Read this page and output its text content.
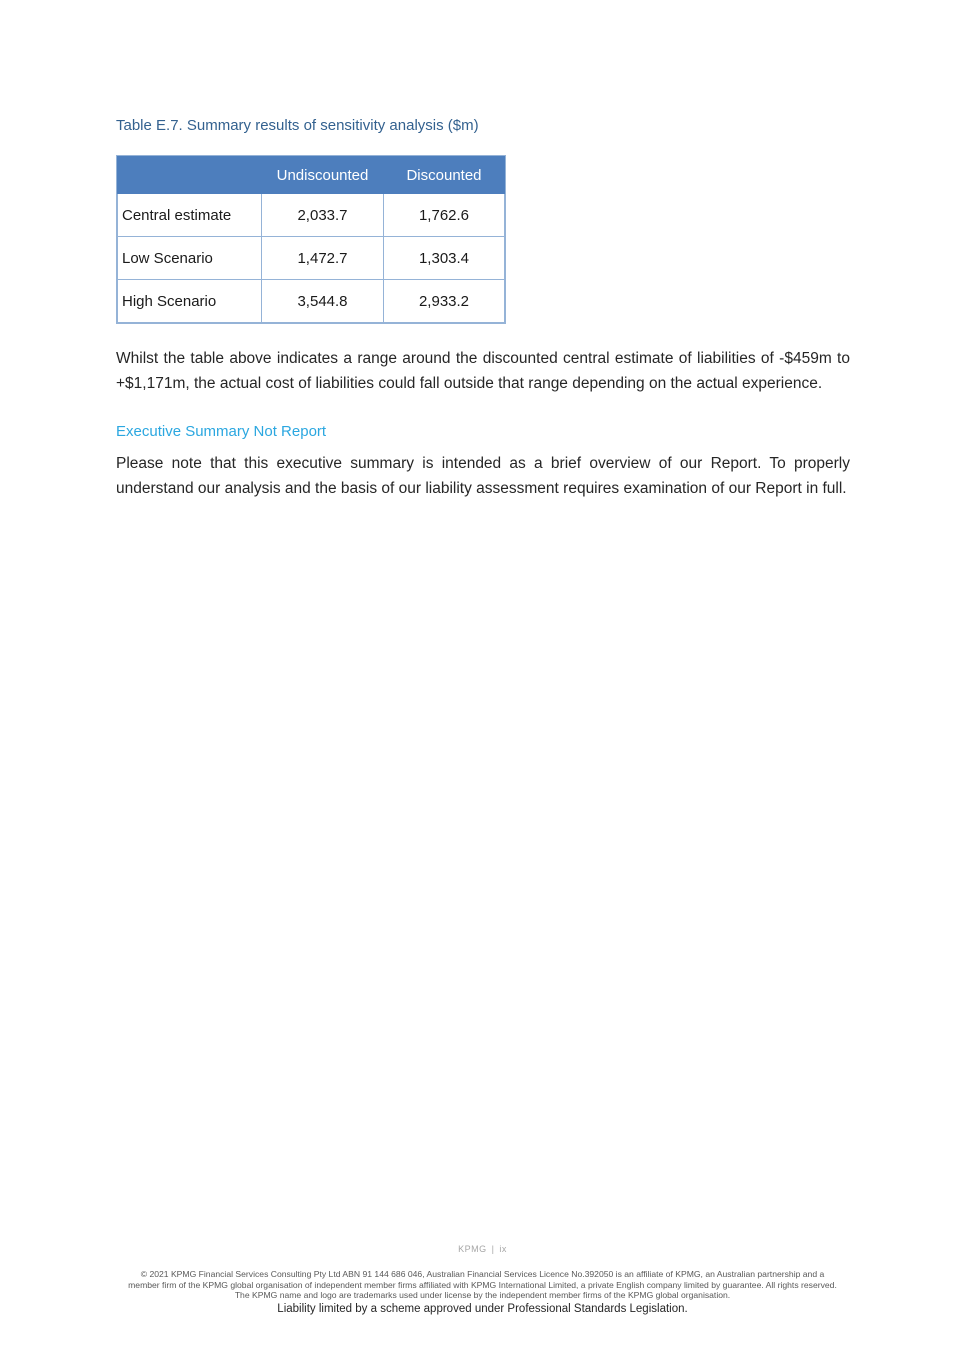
Table E.7. Summary results of sensitivity analysis ($m)
	Undiscounted	Discounted
Central estimate	2,033.7	1,762.6
Low Scenario	1,472.7	1,303.4
High Scenario	3,544.8	2,933.2

Whilst the table above indicates a range around the discounted central estimate of liabilities of -$459m to +$1,171m, the actual cost of liabilities could fall outside that range depending on the actual experience.

Executive Summary Not Report

Please note that this executive summary is intended as a brief overview of our Report. To properly understand our analysis and the basis of our liability assessment requires examination of our Report in full.

KPMG | ix
© 2021 KPMG Financial Services Consulting Pty Ltd ABN 91 144 686 046, Australian Financial Services Licence No.392050 is an affiliate of KPMG, an Australian partnership and a member firm of the KPMG global organisation of independent member firms affiliated with KPMG International Limited, a private English company limited by guarantee. All rights reserved. The KPMG name and logo are trademarks used under license by the independent member firms of the KPMG global organisation.
Liability limited by a scheme approved under Professional Standards Legislation.
